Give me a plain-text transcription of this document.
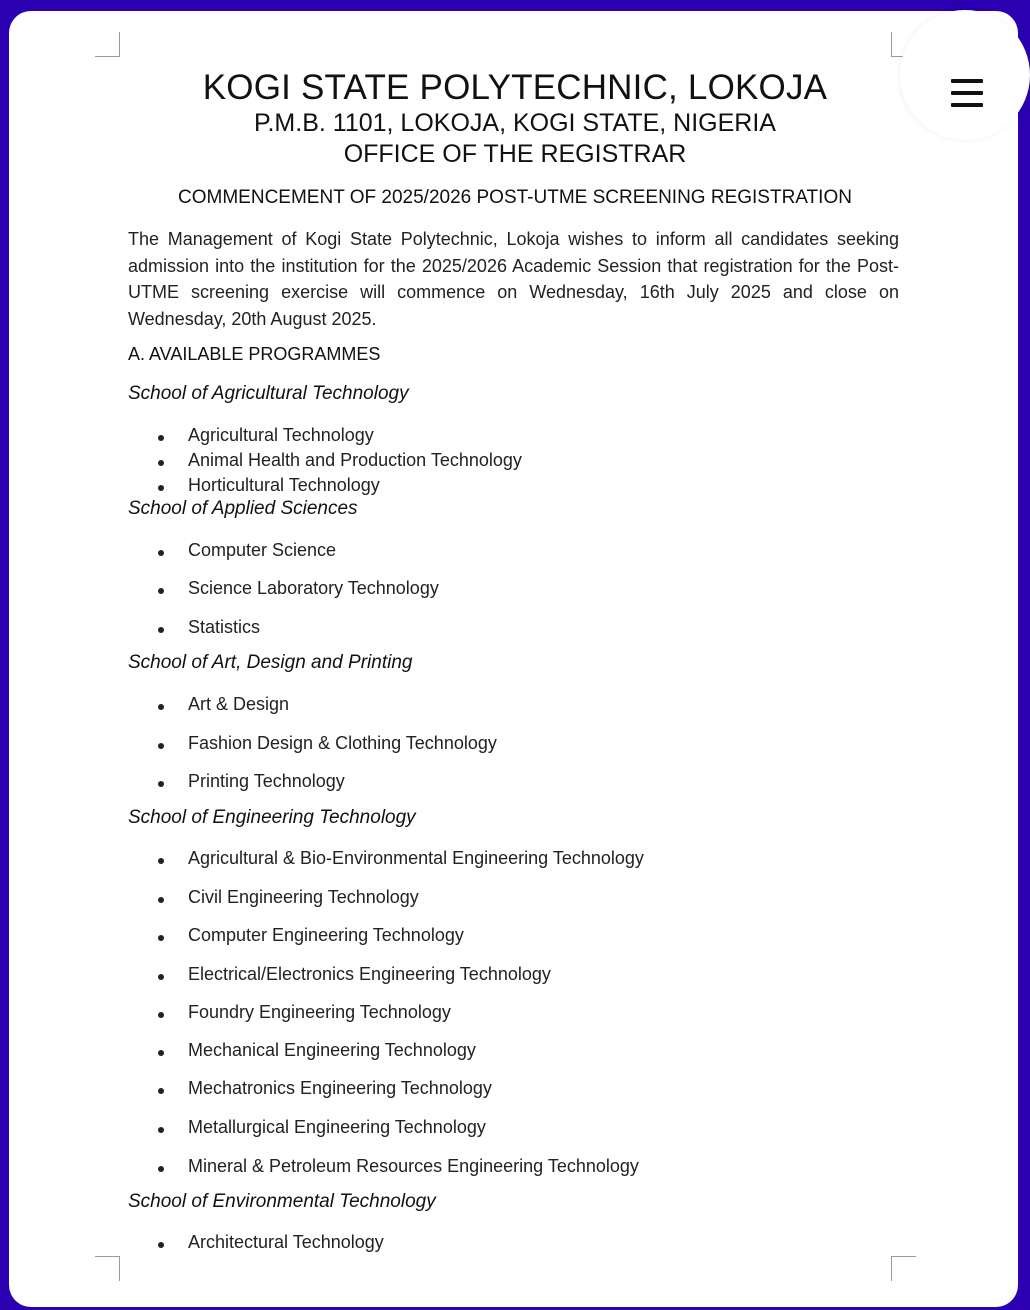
KOGI STATE POLYTECHNIC, LOKOJA
P.M.B. 1101, LOKOJA, KOGI STATE, NIGERIA
OFFICE OF THE REGISTRAR
COMMENCEMENT OF 2025/2026 POST-UTME SCREENING REGISTRATION

The Management of Kogi State Polytechnic, Lokoja wishes to inform all candidates seeking admission into the institution for the 2025/2026 Academic Session that registration for the Post-UTME screening exercise will commence on Wednesday, 16th July 2025 and close on Wednesday, 20th August 2025.

A. AVAILABLE PROGRAMMES
School of Agricultural Technology
Agricultural Technology
Animal Health and Production Technology
Horticultural Technology
School of Applied Sciences
Computer Science
Science Laboratory Technology
Statistics
School of Art, Design and Printing
Art & Design
Fashion Design & Clothing Technology
Printing Technology
School of Engineering Technology
Agricultural & Bio-Environmental Engineering Technology
Civil Engineering Technology
Computer Engineering Technology
Electrical/Electronics Engineering Technology
Foundry Engineering Technology
Mechanical Engineering Technology
Mechatronics Engineering Technology
Metallurgical Engineering Technology
Mineral & Petroleum Resources Engineering Technology
School of Environmental Technology
Architectural Technology
